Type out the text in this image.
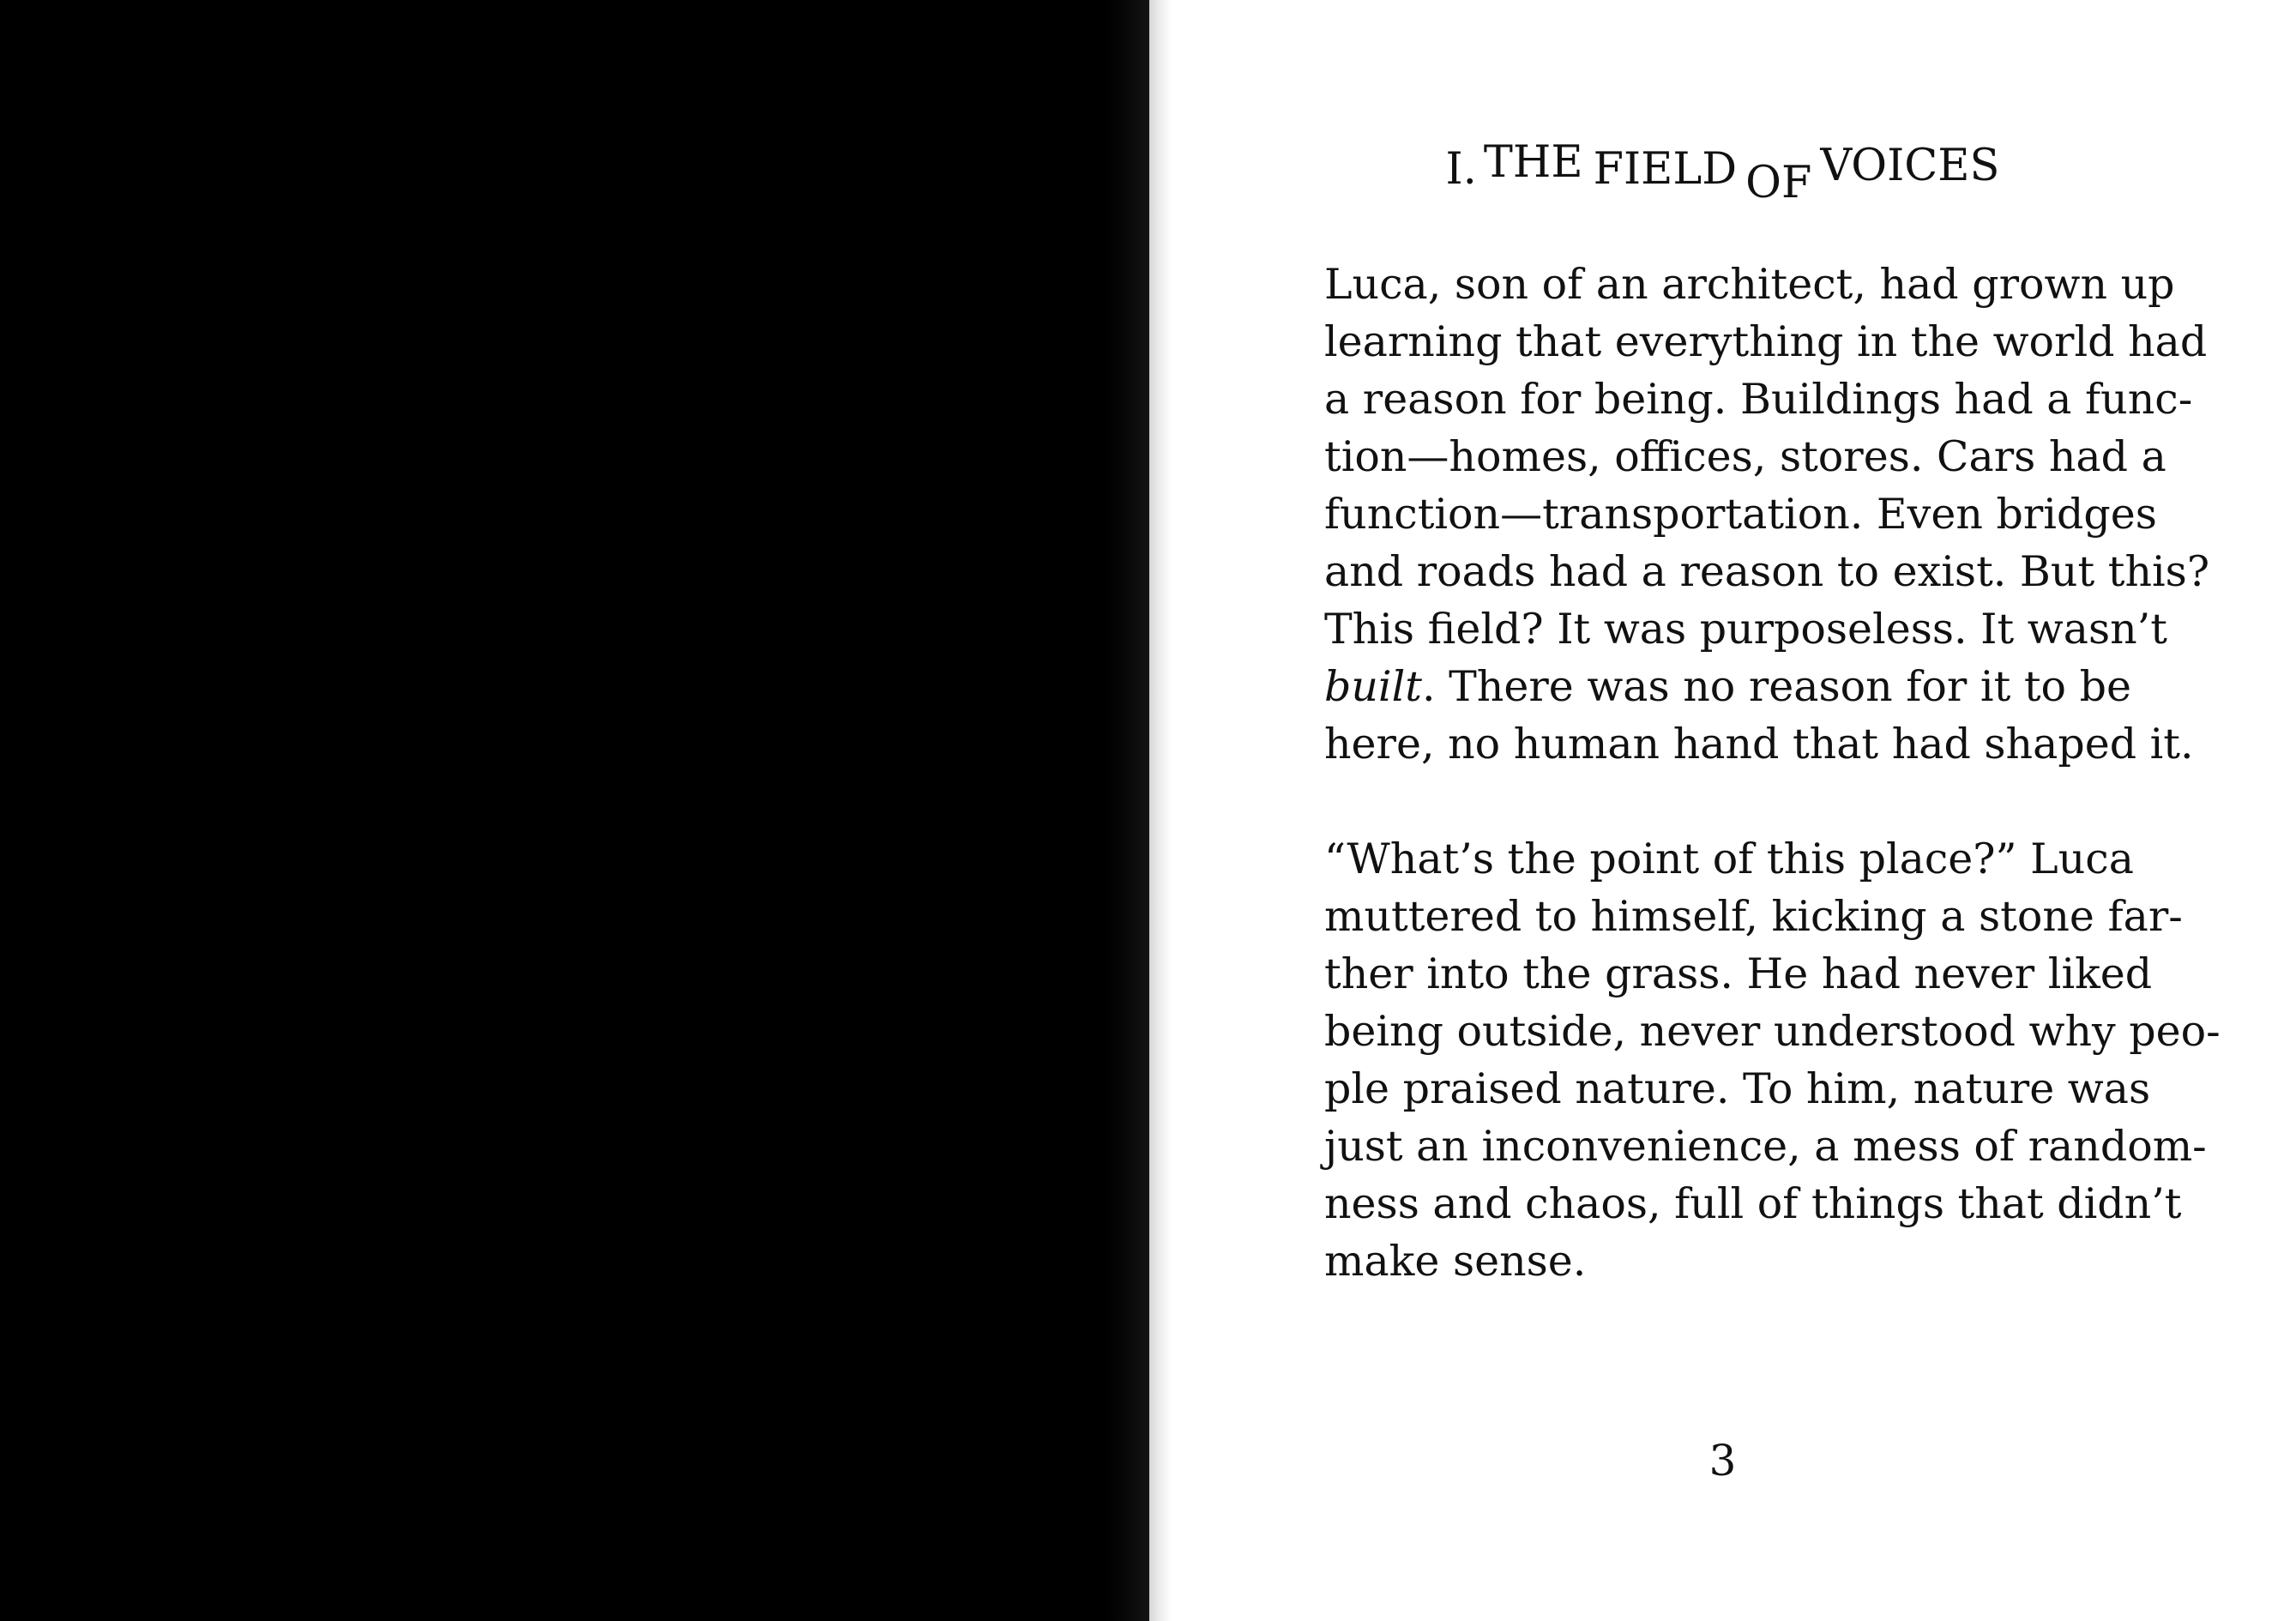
I. THE FIELD OF VOICES

Luca, son of an architect, had grown up
learning that everything in the world had
a reason for being. Buildings had a func-
tion—homes, offices, stores. Cars had a
function—transportation. Even bridges
and roads had a reason to exist. But this?
This field? It was purposeless. It wasn’t
built. There was no reason for it to be
here, no human hand that had shaped it.

“What’s the point of this place?” Luca
muttered to himself, kicking a stone far-
ther into the grass. He had never liked
being outside, never understood why peo-
ple praised nature. To him, nature was
just an inconvenience, a mess of random-
ness and chaos, full of things that didn’t
make sense.

3
